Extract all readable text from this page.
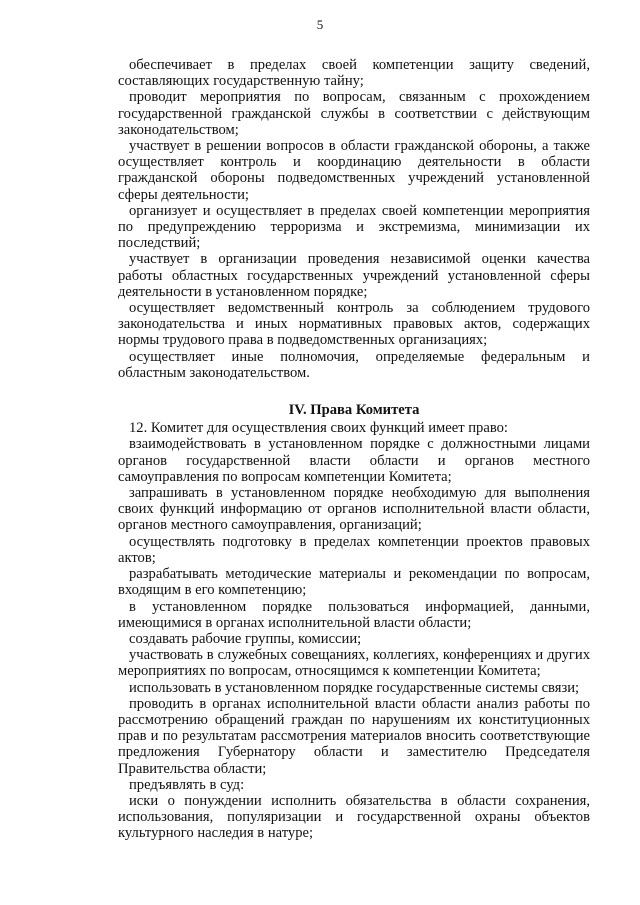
5

обеспечивает в пределах своей компетенции защиту сведений, составляющих государственную тайну;

проводит мероприятия по вопросам, связанным с прохождением государственной гражданской службы в соответствии с действующим законодательством;

участвует в решении вопросов в области гражданской обороны, а также осуществляет контроль и координацию деятельности в области гражданской обороны подведомственных учреждений установленной сферы деятельности;

организует и осуществляет в пределах своей компетенции мероприятия по предупреждению терроризма и экстремизма, минимизации их последствий;

участвует в организации проведения независимой оценки качества работы областных государственных учреждений установленной сферы деятельности в установленном порядке;

осуществляет ведомственный контроль за соблюдением трудового законодательства и иных нормативных правовых актов, содержащих нормы трудового права в подведомственных организациях;

осуществляет иные полномочия, определяемые федеральным и областным законодательством.

IV. Права Комитета

12. Комитет для осуществления своих функций имеет право:

взаимодействовать в установленном порядке с должностными лицами органов государственной власти области и органов местного самоуправления по вопросам компетенции Комитета;

запрашивать в установленном порядке необходимую для выполнения своих функций информацию от органов исполнительной власти области, органов местного самоуправления, организаций;

осуществлять подготовку в пределах компетенции проектов правовых актов;

разрабатывать методические материалы и рекомендации по вопросам, входящим в его компетенцию;

в установленном порядке пользоваться информацией, данными, имеющимися в органах исполнительной власти области;

создавать рабочие группы, комиссии;

участвовать в служебных совещаниях, коллегиях, конференциях и других мероприятиях по вопросам, относящимся к компетенции Комитета;

использовать в установленном порядке государственные системы связи;

проводить в органах исполнительной власти области анализ работы по рассмотрению обращений граждан по нарушениям их конституционных прав и по результатам рассмотрения материалов вносить соответствующие предложения Губернатору области и заместителю Председателя Правительства области;

предъявлять в суд:

иски о понуждении исполнить обязательства в области сохранения, использования, популяризации и государственной охраны объектов культурного наследия в натуре;
